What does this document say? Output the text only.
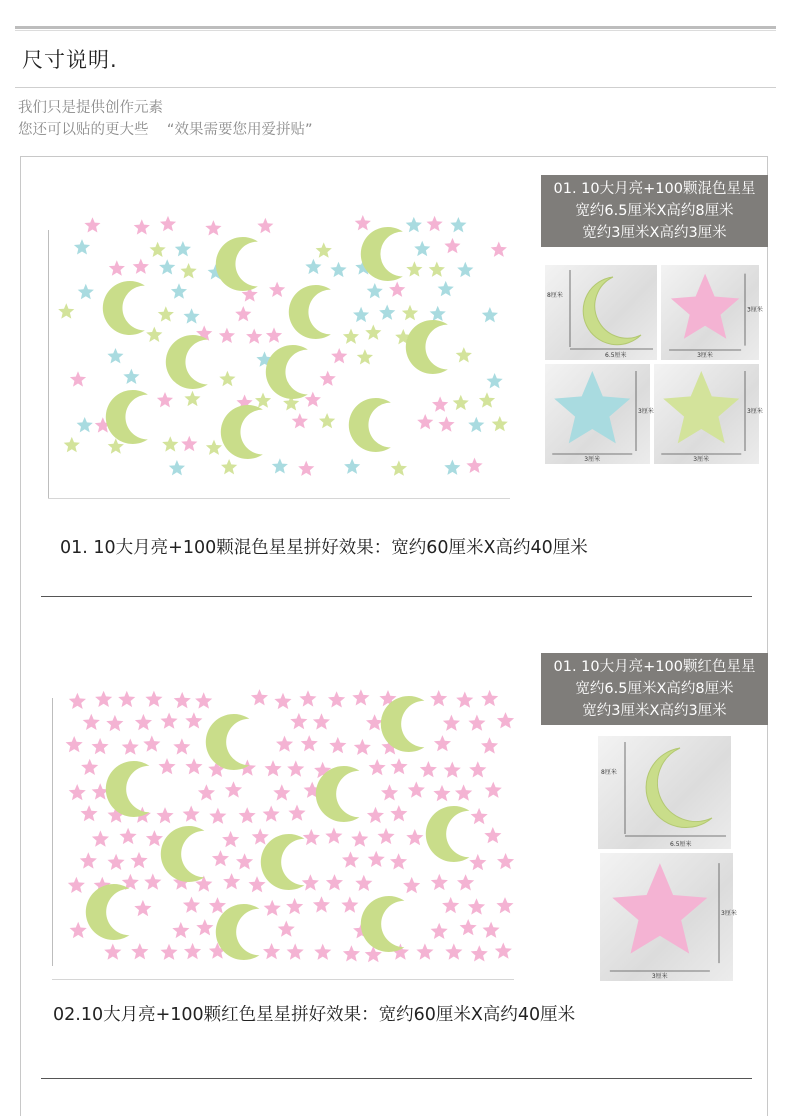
尺寸说明.
我们只是提供创作元素
您还可以贴的更大些    “效果需要您用爱拼贴”
01. 10大月亮+100颗混色星星
宽约6.5厘米X高约8厘米
宽约3厘米X高约3厘米
8厘米
6.5厘米
3厘米
3厘米
3厘米
3厘米
3厘米
3厘米
01. 10大月亮+100颗混色星星拼好效果：宽约60厘米X高约40厘米
01. 10大月亮+100颗红色星星
宽约6.5厘米X高约8厘米
宽约3厘米X高约3厘米
8厘米
6.5厘米
3厘米
3厘米
02.10大月亮+100颗红色星星拼好效果：宽约60厘米X高约40厘米
